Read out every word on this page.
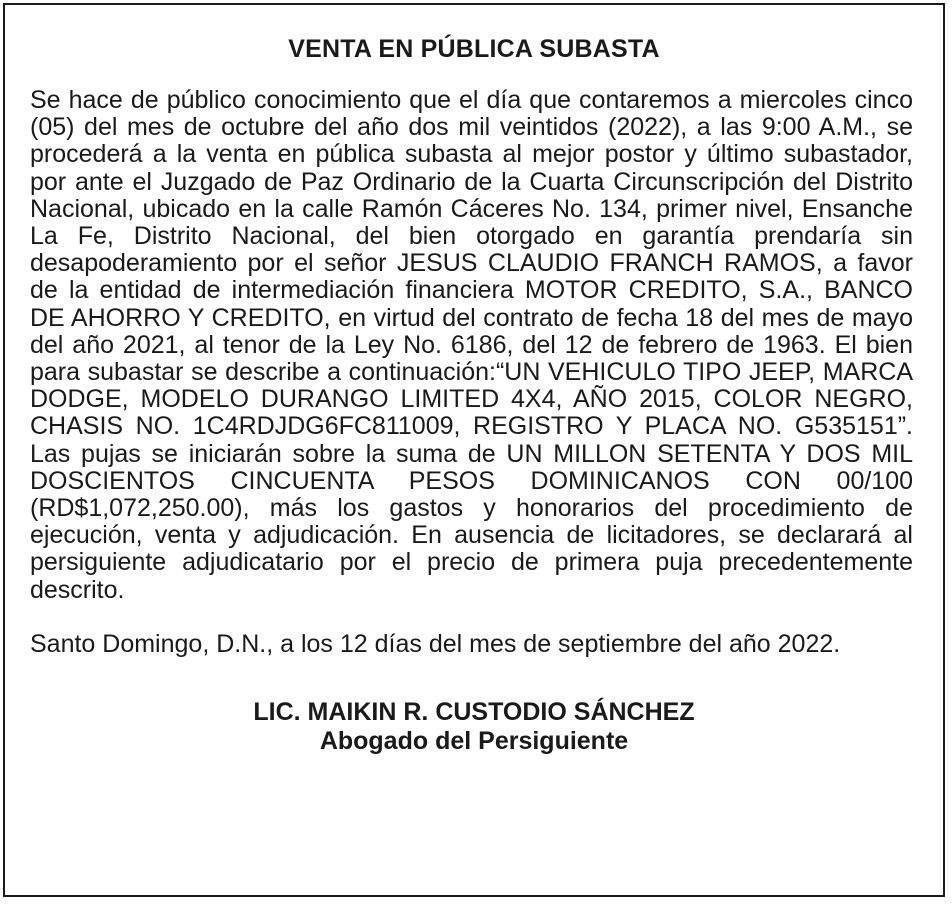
VENTA EN PÚBLICA SUBASTA

Se hace de público conocimiento que el día que contaremos a miercoles cinco (05) del mes de octubre del año dos mil veintidos (2022), a las 9:00 A.M., se procederá a la venta en pública subasta al mejor postor y último subastador, por ante el Juzgado de Paz Ordinario de la Cuarta Circunscripción del Distrito Nacional, ubicado en la calle Ramón Cáceres No. 134, primer nivel, Ensanche La Fe, Distrito Nacional, del bien otorgado en garantía prendaría sin desapoderamiento por el señor JESUS CLAUDIO FRANCH RAMOS, a favor de la entidad de intermediación financiera MOTOR CREDITO, S.A., BANCO DE AHORRO Y CREDITO, en virtud del contrato de fecha 18 del mes de mayo del año 2021, al tenor de la Ley No. 6186, del 12 de febrero de 1963. El bien para subastar se describe a continuación:“UN VEHICULO TIPO JEEP, MARCA DODGE, MODELO DURANGO LIMITED 4X4, AÑO 2015, COLOR NEGRO, CHASIS NO. 1C4RDJDG6FC811009, REGISTRO Y PLACA NO. G535151”. Las pujas se iniciarán sobre la suma de UN MILLON SETENTA Y DOS MIL DOSCIENTOS CINCUENTA PESOS DOMINICANOS CON 00/100 (RD$1,072,250.00), más los gastos y honorarios del procedimiento de ejecución, venta y adjudicación. En ausencia de licitadores, se declarará al persiguiente adjudicatario por el precio de primera puja precedentemente descrito.

Santo Domingo, D.N., a los 12 días del mes de septiembre del año 2022.

LIC. MAIKIN R. CUSTODIO SÁNCHEZ
Abogado del Persiguiente
